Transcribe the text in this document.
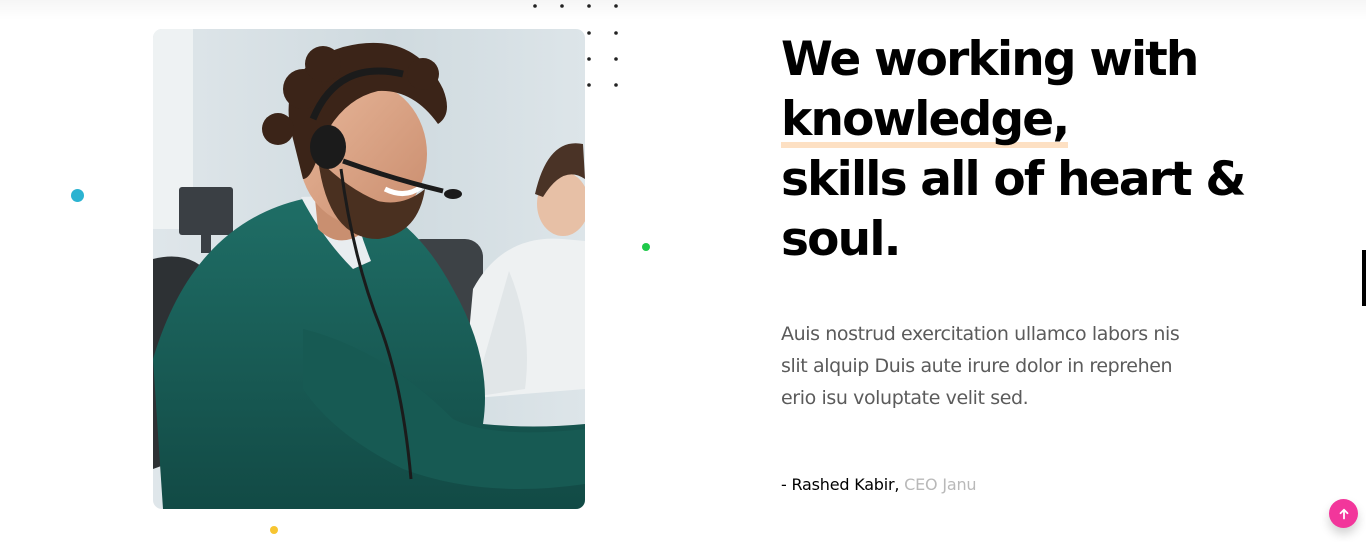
We working with
knowledge,
skills all of heart &
soul.

Auis nostrud exercitation ullamco labors nis
slit alquip Duis aute irure dolor in reprehen
erio isu voluptate velit sed.

- Rashed Kabir, CEO Janu
